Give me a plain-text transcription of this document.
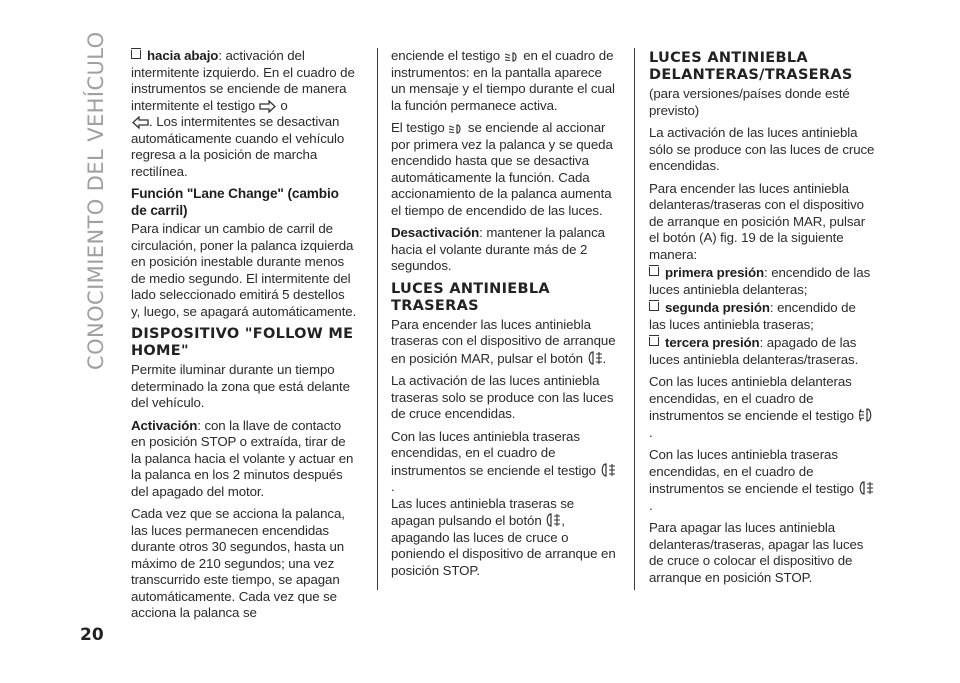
CONOCIMIENTO DEL VEHÍCULO
20

hacia abajo: activación del intermitente izquierdo. En el cuadro de instrumentos se enciende de manera intermitente el testigo o
. Los intermitentes se desactivan automáticamente cuando el vehículo regresa a la posición de marcha rectilínea.

Función "Lane Change" (cambio de carril)

Para indicar un cambio de carril de circulación, poner la palanca izquierda en posición inestable durante menos de medio segundo. El intermitente del lado seleccionado emitirá 5 destellos y, luego, se apagará automáticamente.

DISPOSITIVO "FOLLOW ME HOME"

Permite iluminar durante un tiempo determinado la zona que está delante del vehículo.

Activación: con la llave de contacto en posición STOP o extraída, tirar de la palanca hacia el volante y actuar en la palanca en los 2 minutos después del apagado del motor.

Cada vez que se acciona la palanca, las luces permanecen encendidas durante otros 30 segundos, hasta un máximo de 210 segundos; una vez transcurrido este tiempo, se apagan automáticamente. Cada vez que se acciona la palanca se

enciende el testigo en el cuadro de instrumentos: en la pantalla aparece un mensaje y el tiempo durante el cual la función permanece activa.

El testigo se enciende al accionar por primera vez la palanca y se queda encendido hasta que se desactiva automáticamente la función. Cada accionamiento de la palanca aumenta el tiempo de encendido de las luces.

Desactivación: mantener la palanca hacia el volante durante más de 2 segundos.

LUCES ANTINIEBLA TRASERAS

Para encender las luces antiniebla traseras con el dispositivo de arranque en posición MAR, pulsar el botón .

La activación de las luces antiniebla traseras solo se produce con las luces de cruce encendidas.

Con las luces antiniebla traseras encendidas, en el cuadro de instrumentos se enciende el testigo .
Las luces antiniebla traseras se apagan pulsando el botón , apagando las luces de cruce o poniendo el dispositivo de arranque en posición STOP.

LUCES ANTINIEBLA DELANTERAS/TRASERAS

(para versiones/países donde esté previsto)

La activación de las luces antiniebla sólo se produce con las luces de cruce encendidas.

Para encender las luces antiniebla delanteras/traseras con el dispositivo de arranque en posición MAR, pulsar el botón (A) fig. 19 de la siguiente manera:

primera presión: encendido de las luces antiniebla delanteras;

segunda presión: encendido de las luces antiniebla traseras;

tercera presión: apagado de las luces antiniebla delanteras/traseras.

Con las luces antiniebla delanteras encendidas, en el cuadro de instrumentos se enciende el testigo .

Con las luces antiniebla traseras encendidas, en el cuadro de instrumentos se enciende el testigo .

Para apagar las luces antiniebla delanteras/traseras, apagar las luces de cruce o colocar el dispositivo de arranque en posición STOP.
